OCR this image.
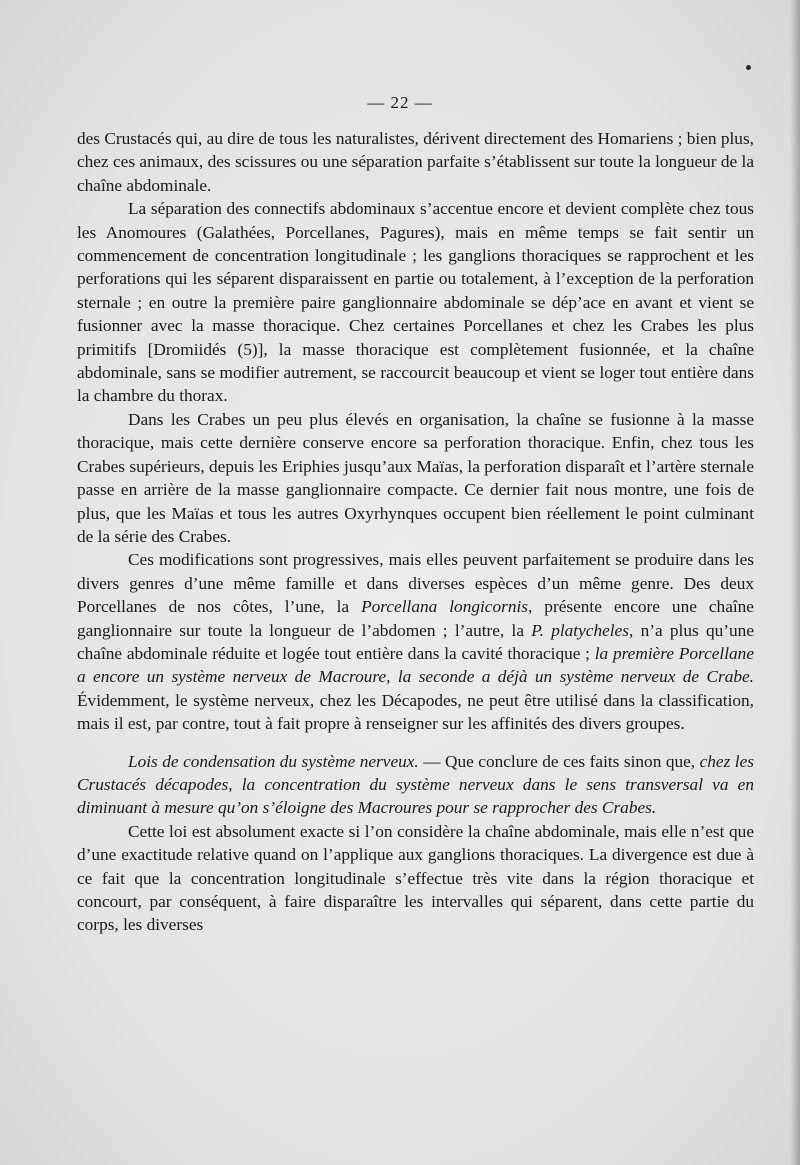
— 22 —

des Crustacés qui, au dire de tous les naturalistes, dérivent directement des Homariens ; bien plus, chez ces animaux, des scissures ou une séparation parfaite s’établissent sur toute la longueur de la chaîne abdominale.

La séparation des connectifs abdominaux s’accentue encore et devient complète chez tous les Anomoures (Galathées, Porcellanes, Pagures), mais en même temps se fait sentir un commencement de concentration longitudinale ; les ganglions thoraciques se rapprochent et les perforations qui les séparent disparaissent en partie ou totalement, à l’exception de la perforation sternale ; en outre la première paire ganglionnaire abdominale se dép’ace en avant et vient se fusionner avec la masse thoracique. Chez certaines Porcellanes et chez les Crabes les plus primitifs [Dromiidés (5)], la masse thoracique est complètement fusionnée, et la chaîne abdominale, sans se modifier autrement, se raccourcit beaucoup et vient se loger tout entière dans la chambre du thorax.

Dans les Crabes un peu plus élevés en organisation, la chaîne se fusionne à la masse thoracique, mais cette dernière conserve encore sa perforation thoracique. Enfin, chez tous les Crabes supérieurs, depuis les Eriphies jusqu’aux Maïas, la perforation disparaît et l’artère sternale passe en arrière de la masse ganglionnaire compacte. Ce dernier fait nous montre, une fois de plus, que les Maïas et tous les autres Oxyrhynques occupent bien réellement le point culminant de la série des Crabes.

Ces modifications sont progressives, mais elles peuvent parfaitement se produire dans les divers genres d’une même famille et dans diverses espèces d’un même genre. Des deux Porcellanes de nos côtes, l’une, la Porcellana longicornis, présente encore une chaîne ganglionnaire sur toute la longueur de l’abdomen ; l’autre, la P. platycheles, n’a plus qu’une chaîne abdominale réduite et logée tout entière dans la cavité thoracique ; la première Porcellane a encore un système nerveux de Macroure, la seconde a déjà un système nerveux de Crabe. Évidemment, le système nerveux, chez les Décapodes, ne peut être utilisé dans la classification, mais il est, par contre, tout à fait propre à renseigner sur les affinités des divers groupes.

Lois de condensation du système nerveux. — Que conclure de ces faits sinon que, chez les Crustacés décapodes, la concentration du système nerveux dans le sens transversal va en diminuant à mesure qu’on s’éloigne des Macroures pour se rapprocher des Crabes.

Cette loi est absolument exacte si l’on considère la chaîne abdominale, mais elle n’est que d’une exactitude relative quand on l’applique aux ganglions thoraciques. La divergence est due à ce fait que la concentration longitudinale s’effectue très vite dans la région thoracique et concourt, par conséquent, à faire disparaître les intervalles qui séparent, dans cette partie du corps, les diverses
